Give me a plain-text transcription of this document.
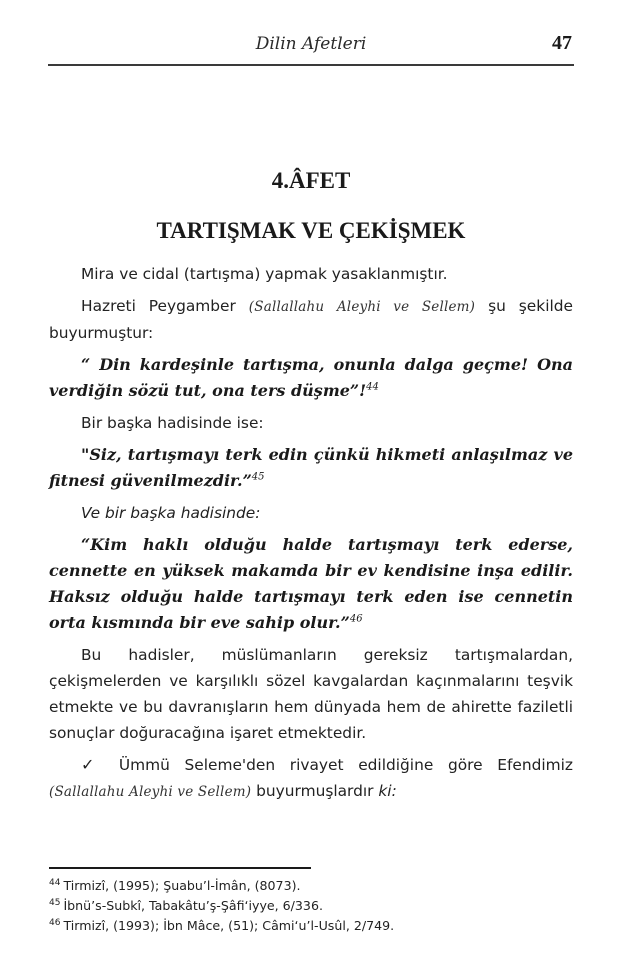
Dilin Afetleri	47
4.ÂFET
TARTIŞMAK VE ÇEKİŞMEK

Mira ve cidal (tartışma) yapmak yasaklanmıştır.

Hazreti Peygamber (Sallallahu Aleyhi ve Sellem) şu şekilde buyurmuştur:

“ Din kardeşinle tartışma, onunla dalga geçme! Ona verdiğin sözü tut, ona ters düşme”!$^{44}$

Bir başka hadisinde ise:

"Siz, tartışmayı terk edin çünkü hikmeti anlaşılmaz ve fitnesi güvenilmezdir.”$^{45}$

Ve bir başka hadisinde:

“Kim haklı olduğu halde tartışmayı terk ederse, cennette en yüksek makamda bir ev kendisine inşa edilir. Haksız olduğu halde tartışmayı terk eden ise cennetin orta kısmında bir eve sahip olur.”$^{46}$

Bu hadisler, müslümanların gereksiz tartışmalardan, çekişmelerden ve karşılıklı sözel kavgalardan kaçınmalarını teşvik etmekte ve bu davranışların hem dünyada hem de ahirette faziletli sonuçlar doğuracağına işaret etmektedir.

✓ Ümmü Seleme'den rivayet edildiğine göre Efendimiz (Sallallahu Aleyhi ve Sellem) buyurmuşlardır ki:

$^{44}$ Tirmizî, (1995); Şuabu’l-İmân, (8073).
$^{45}$ İbnü’s-Subkî, Tabakâtu’ş-Şâfi‘iyye, 6/336.
$^{46}$ Tirmizî, (1993); İbn Mâce, (51); Câmi‘u’l-Usûl, 2/749.
